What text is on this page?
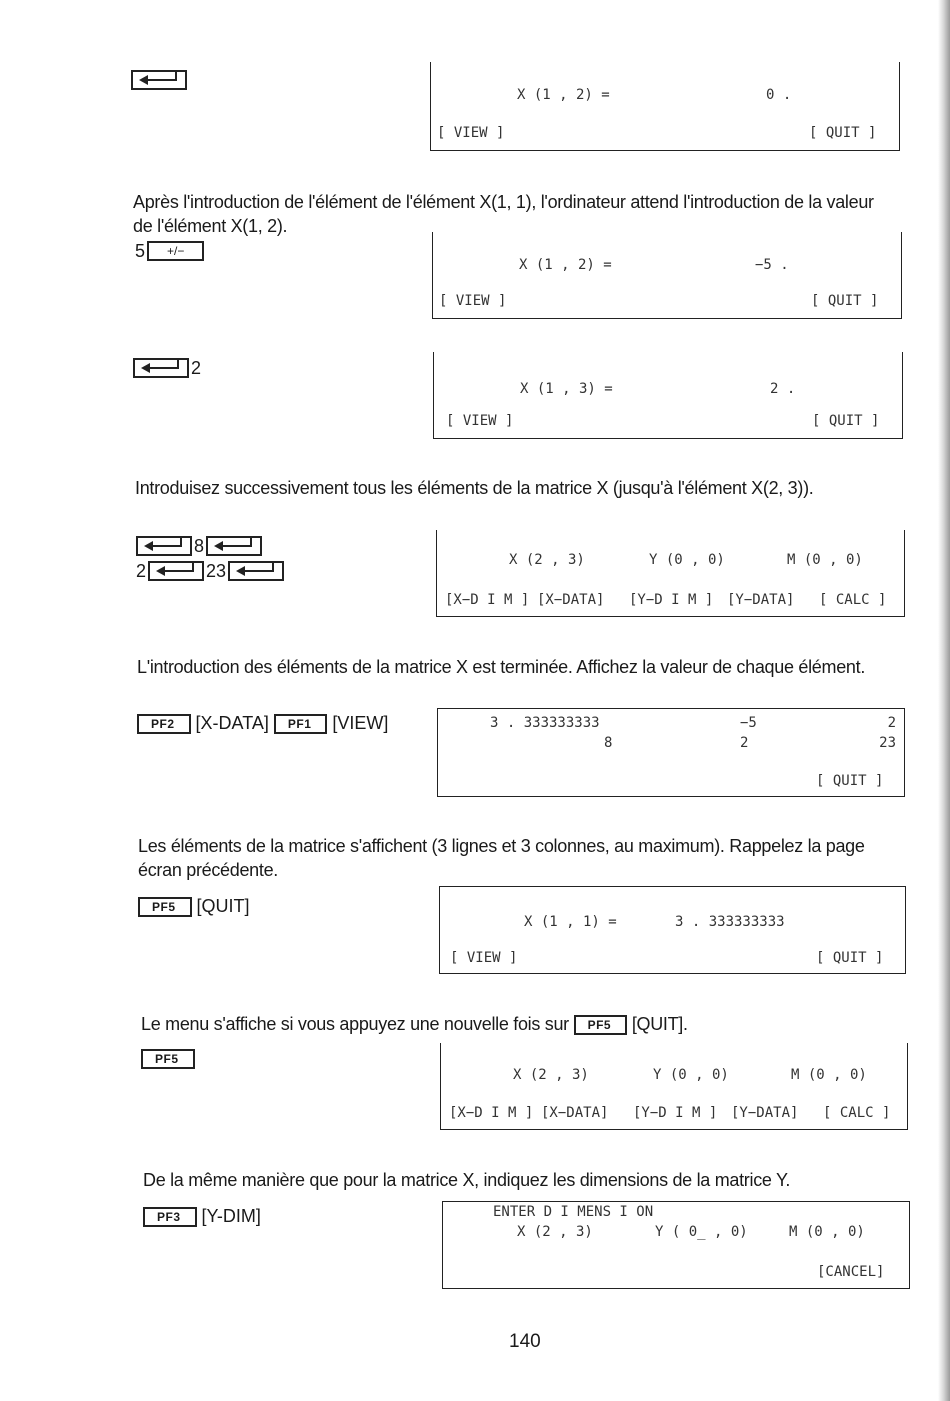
X (1 , 2) =	0 .
[ VIEW ]	[ QUIT ]
Après l'introduction de l'élément de l'élément X(1, 1), l'ordinateur attend l'introduction de la valeur de l'élément X(1, 2).
5 +/−
X (1 , 2) =	−5 .
[ VIEW ]	[ QUIT ]
2
X (1 , 3) =	2 .
[ VIEW ]	[ QUIT ]
Introduisez successivement tous les éléments de la matrice X (jusqu'à l'élément X(2, 3)).
8
2	23
X (2 , 3)	Y (0 , 0)	M (0 , 0)
[X−D I M ] [X−DATA] [Y−D I M ] [Y−DATA] [ CALC ]
L'introduction des éléments de la matrice X est terminée. Affichez la valeur de chaque élément.
PF2 [X-DATA] PF1 [VIEW]	3 . 333333333	−5	2
8	2	23
[ QUIT ]
Les éléments de la matrice s'affichent (3 lignes et 3 colonnes, au maximum). Rappelez la page écran précédente.
PF5 [QUIT]
X (1 , 1) =	3 . 333333333
[ VIEW ]	[ QUIT ]
Le menu s'affiche si vous appuyez une nouvelle fois sur PF5 [QUIT].
PF5
X (2 , 3)	Y (0 , 0)	M (0 , 0)
[X−D I M ] [X−DATA] [Y−D I M ] [Y−DATA] [ CALC ]
De la même manière que pour la matrice X, indiquez les dimensions de la matrice Y.
PF3 [Y-DIM]	ENTER D I MENS I ON
X (2 , 3)	Y ( 0_ , 0)	M (0 , 0)
[CANCEL]
140
